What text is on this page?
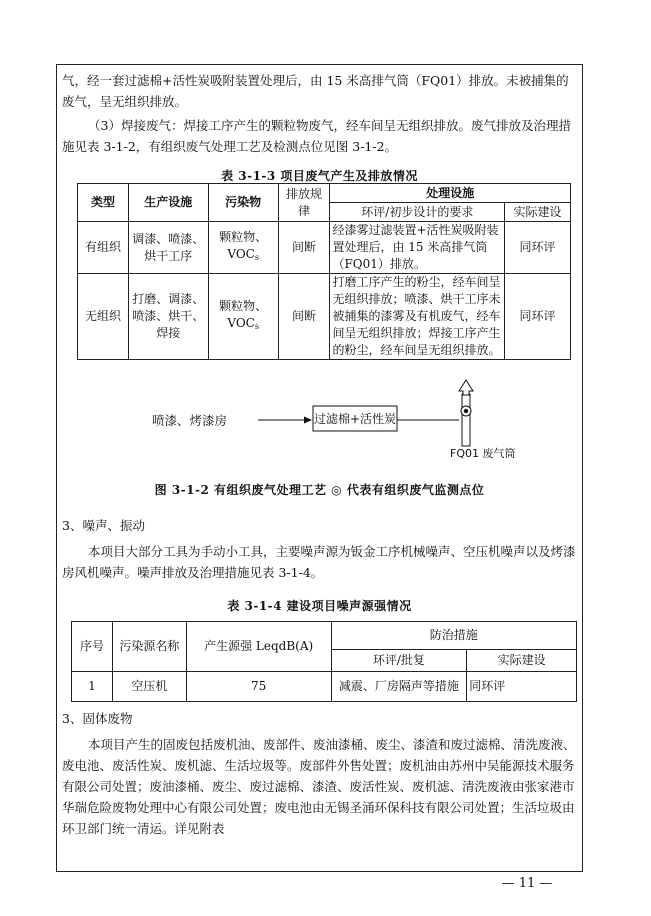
气，经一套过滤棉+活性炭吸附装置处理后，由 15 米高排气筒（FQ01）排放。未被捕集的废气，呈无组织排放。

（3）焊接废气：焊接工序产生的颗粒物废气，经车间呈无组织排放。废气排放及治理措施见表 3-1-2，有组织废气处理工艺及检测点位见图 3-1-2。

表 3-1-3 项目废气产生及排放情况
类型	生产设施	污染物	排放规律	处理设施	
				环评/初步设计的要求	实际建设
有组织	调漆、喷漆、烘干工序	颗粒物、$VOC_s$	间断	经漆雾过滤装置+活性炭吸附装置处理后，由 15 米高排气筒（FQ01）排放。	同环评
无组织	打磨、调漆、喷漆、烘干、焊接	颗粒物、$VOC_s$	间断	打磨工序产生的粉尘，经车间呈无组织排放；喷漆、烘干工序未被捕集的漆雾及有机废气，经车间呈无组织排放；焊接工序产生的粉尘，经车间呈无组织排放。	同环评
喷漆、烤漆房	过滤棉+活性炭
FQ01 废气筒
图 3-1-2 有组织废气处理工艺 ◎ 代表有组织废气监测点位

3、噪声、振动

本项目大部分工具为手动小工具，主要噪声源为钣金工序机械噪声、空压机噪声以及烤漆房风机噪声。噪声排放及治理措施见表 3-1-4。

表 3-1-4 建设项目噪声源强情况
序号	污染源名称	产生源强 LeqdB(A)	防治措施	
			环评/批复	实际建设
1	空压机	75	减震、厂房隔声等措施	同环评

3、固体废物

本项目产生的固废包括废机油、废部件、废油漆桶、废尘、漆渣和废过滤棉、清洗废液、废电池、废活性炭、废机滤、生活垃圾等。废部件外售处置；废机油由苏州中吴能源技术服务有限公司处置；废油漆桶、废尘、废过滤棉、漆渣、废活性炭、废机滤、清洗废液由张家港市华瑞危险废物处理中心有限公司处置；废电池由无锡圣涌环保科技有限公司处置；生活垃圾由环卫部门统一清运。详见附表

— 11 —
